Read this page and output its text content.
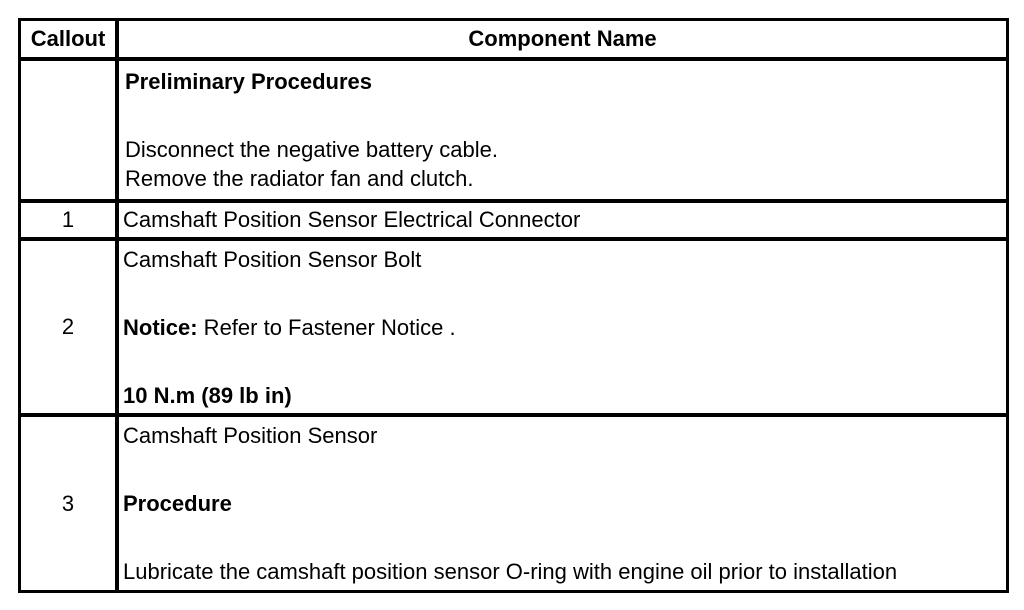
Callout	Component Name
Preliminary Procedures
Disconnect the negative battery cable.
Remove the radiator fan and clutch.
1 Camshaft Position Sensor Electrical Connector
2
Camshaft Position Sensor Bolt
Notice: Refer to Fastener Notice .
10 N.m (89 lb in)
3
Camshaft Position Sensor
Procedure
Lubricate the camshaft position sensor O-ring with engine oil prior to installation
